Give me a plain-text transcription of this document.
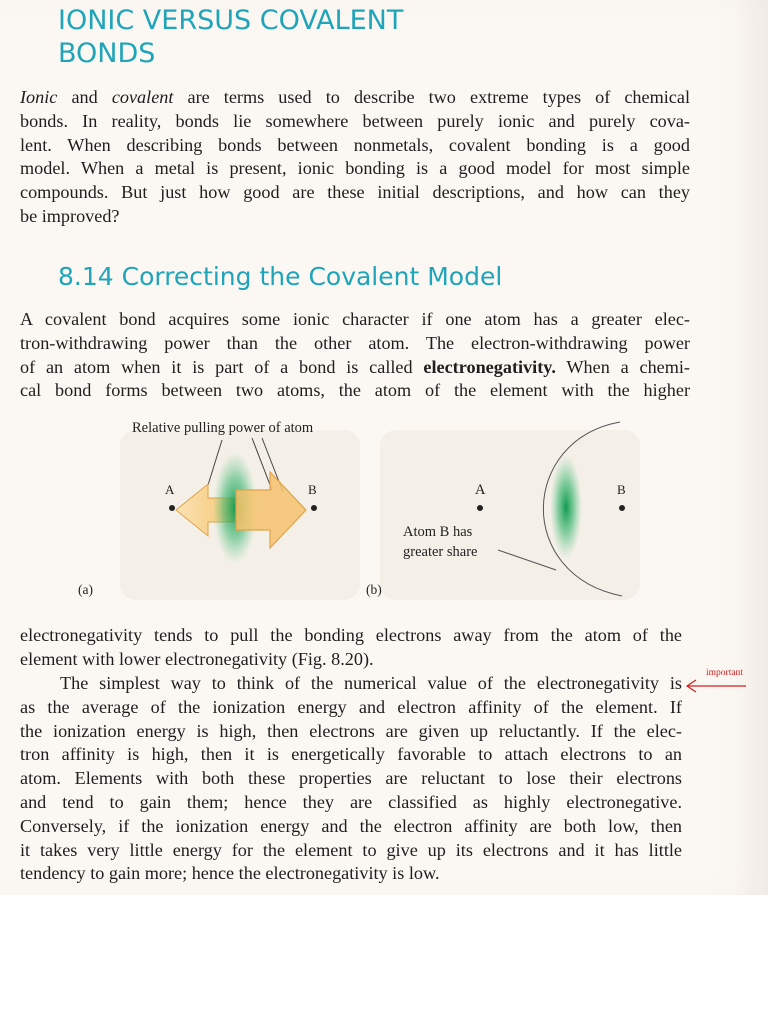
IONIC VERSUS COVALENT
BONDS
Ionic and covalent are terms used to describe two extreme types of chemical
bonds. In reality, bonds lie somewhere between purely ionic and purely cova-
lent. When describing bonds between nonmetals, covalent bonding is a good
model. When a metal is present, ionic bonding is a good model for most simple
compounds. But just how good are these initial descriptions, and how can they
be improved?
8.14 Correcting the Covalent Model
A covalent bond acquires some ionic character if one atom has a greater elec-
tron-withdrawing power than the other atom. The electron-withdrawing power
of an atom when it is part of a bond is called electronegativity. When a chemi-
cal bond forms between two atoms, the atom of the element with the higher
Relative pulling power of atom
A	B	A	B
Atom B has
greater share
(a)	(b)
electronegativity tends to pull the bonding electrons away from the atom of the
element with lower electronegativity (Fig. 8.20).
The simplest way to think of the numerical value of the electronegativity is
as the average of the ionization energy and electron affinity of the element. If
the ionization energy is high, then electrons are given up reluctantly. If the elec-
tron affinity is high, then it is energetically favorable to attach electrons to an
atom. Elements with both these properties are reluctant to lose their electrons
and tend to gain them; hence they are classified as highly electronegative.
Conversely, if the ionization energy and the electron affinity are both low, then
it takes very little energy for the element to give up its electrons and it has little
tendency to gain more; hence the electronegativity is low.
important
